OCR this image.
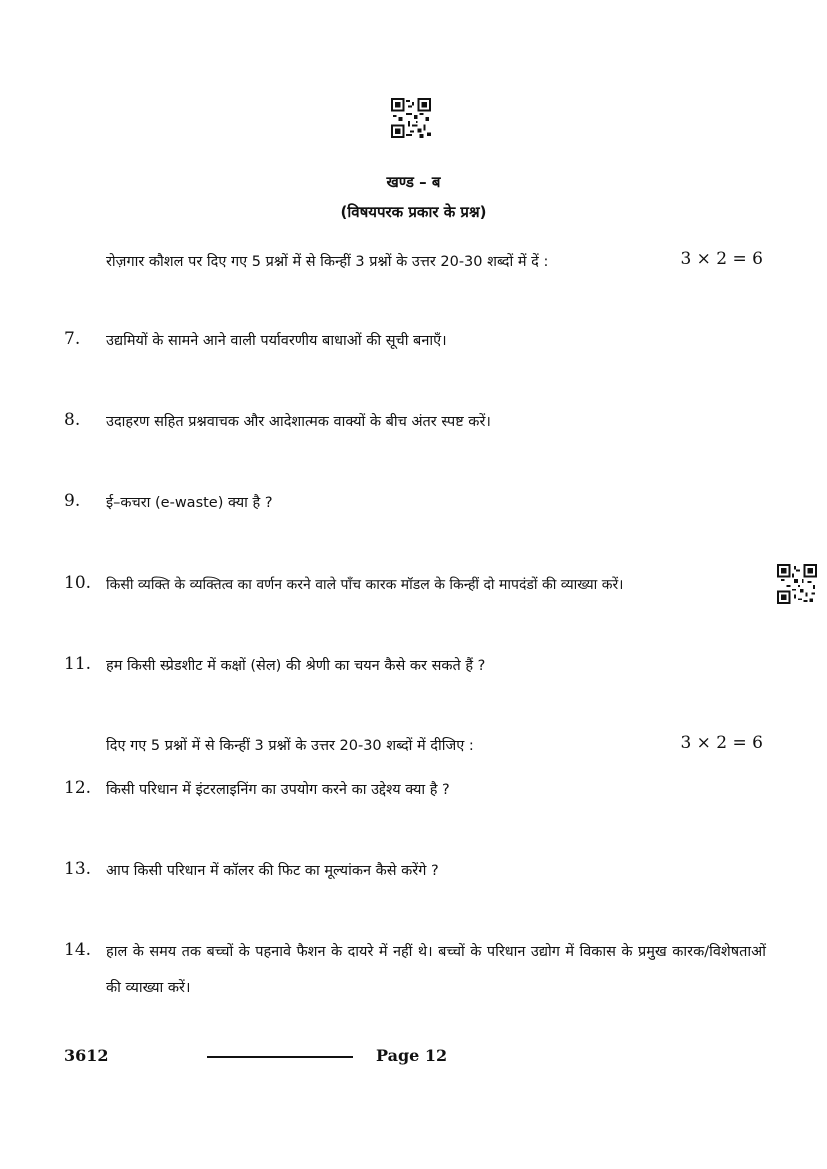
खण्ड – ब
(विषयपरक प्रकार के प्रश्न)
रोज़गार कौशल पर दिए गए 5 प्रश्नों में से किन्हीं 3 प्रश्नों के उत्तर 20-30 शब्दों में दें :	3 × 2 = 6
7. उद्यमियों के सामने आने वाली पर्यावरणीय बाधाओं की सूची बनाएँ।
8. उदाहरण सहित प्रश्नवाचक और आदेशात्मक वाक्यों के बीच अंतर स्पष्ट करें।
9. ई–कचरा (e-waste) क्या है ?
10. किसी व्यक्ति के व्यक्तित्व का वर्णन करने वाले पाँच कारक मॉडल के किन्हीं दो मापदंडों की व्याख्या करें।
11. हम किसी स्प्रेडशीट में कक्षों (सेल) की श्रेणी का चयन कैसे कर सकते हैं ?
दिए गए 5 प्रश्नों में से किन्हीं 3 प्रश्नों के उत्तर 20-30 शब्दों में दीजिए :	3 × 2 = 6
12. किसी परिधान में इंटरलाइनिंग का उपयोग करने का उद्देश्य क्या है ?
13. आप किसी परिधान में कॉलर की फिट का मूल्यांकन कैसे करेंगे ?
14. हाल के समय तक बच्चों के पहनावे फैशन के दायरे में नहीं थे। बच्चों के परिधान उद्योग में विकास के प्रमुख कारक/विशेषताओं की व्याख्या करें।
3612	Page 12
